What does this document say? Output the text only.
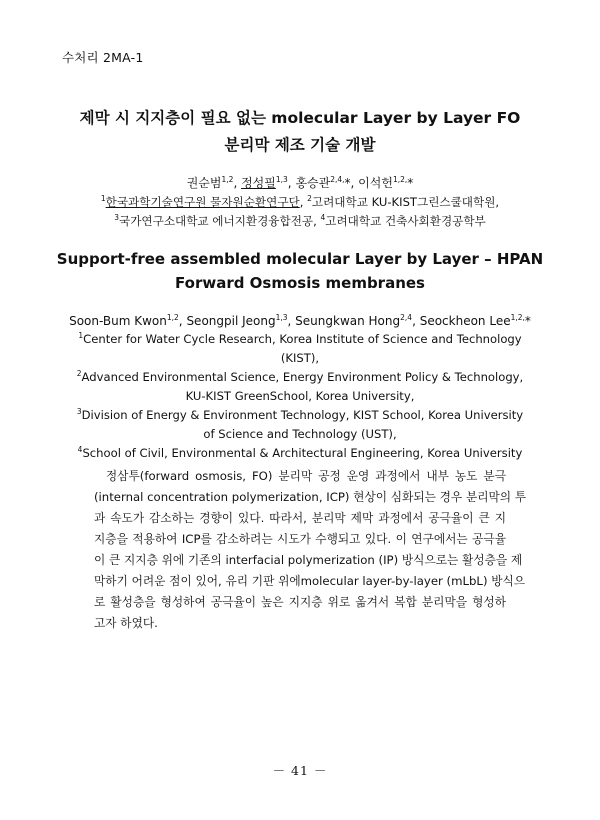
수처리 2MA-1
제막 시 지지층이 필요 없는 molecular Layer by Layer FO
분리막 제조 기술 개발
권순범$^{1,2}$, 정성필$^{1,3}$, 홍승관$^{2,4,}$*, 이석헌$^{1,2,}$*
$^1$한국과학기술연구원 물자원순환연구단, $^2$고려대학교 KU-KIST그린스쿨대학원,
$^3$국가연구소대학교 에너지환경융합전공, $^4$고려대학교 건축사회환경공학부
Support-free assembled molecular Layer by Layer – HPAN
Forward Osmosis membranes
Soon-Bum Kwon$^{1,2}$, Seongpil Jeong$^{1,3}$, Seungkwan Hong$^{2,4}$, Seockheon Lee$^{1,2,}$*
$^1$Center for Water Cycle Research, Korea Institute of Science and Technology
(KIST),
$^2$Advanced Environmental Science, Energy Environment Policy & Technology,
KU-KIST GreenSchool, Korea University,
$^3$Division of Energy & Environment Technology, KIST School, Korea University
of Science and Technology (UST),
$^4$School of Civil, Environmental & Architectural Engineering, Korea University
정삼투(forward osmosis, FO) 분리막 공정 운영 과정에서 내부 농도 분극
(internal concentration polymerization, ICP) 현상이 심화되는 경우 분리막의 투
과 속도가 감소하는 경향이 있다. 따라서, 분리막 제막 과정에서 공극율이 큰 지
지층을 적용하여 ICP를 감소하려는 시도가 수행되고 있다. 이 연구에서는 공극율
이 큰 지지층 위에 기존의 interfacial polymerization (IP) 방식으로는 활성층을 제
막하기 어려운 점이 있어, 유리 기판 위에molecular layer-by-layer (mLbL) 방식으
로 활성층을 형성하여 공극율이 높은 지지층 위로 옮겨서 복합 분리막을 형성하
고자 하였다.
－ 41 －
